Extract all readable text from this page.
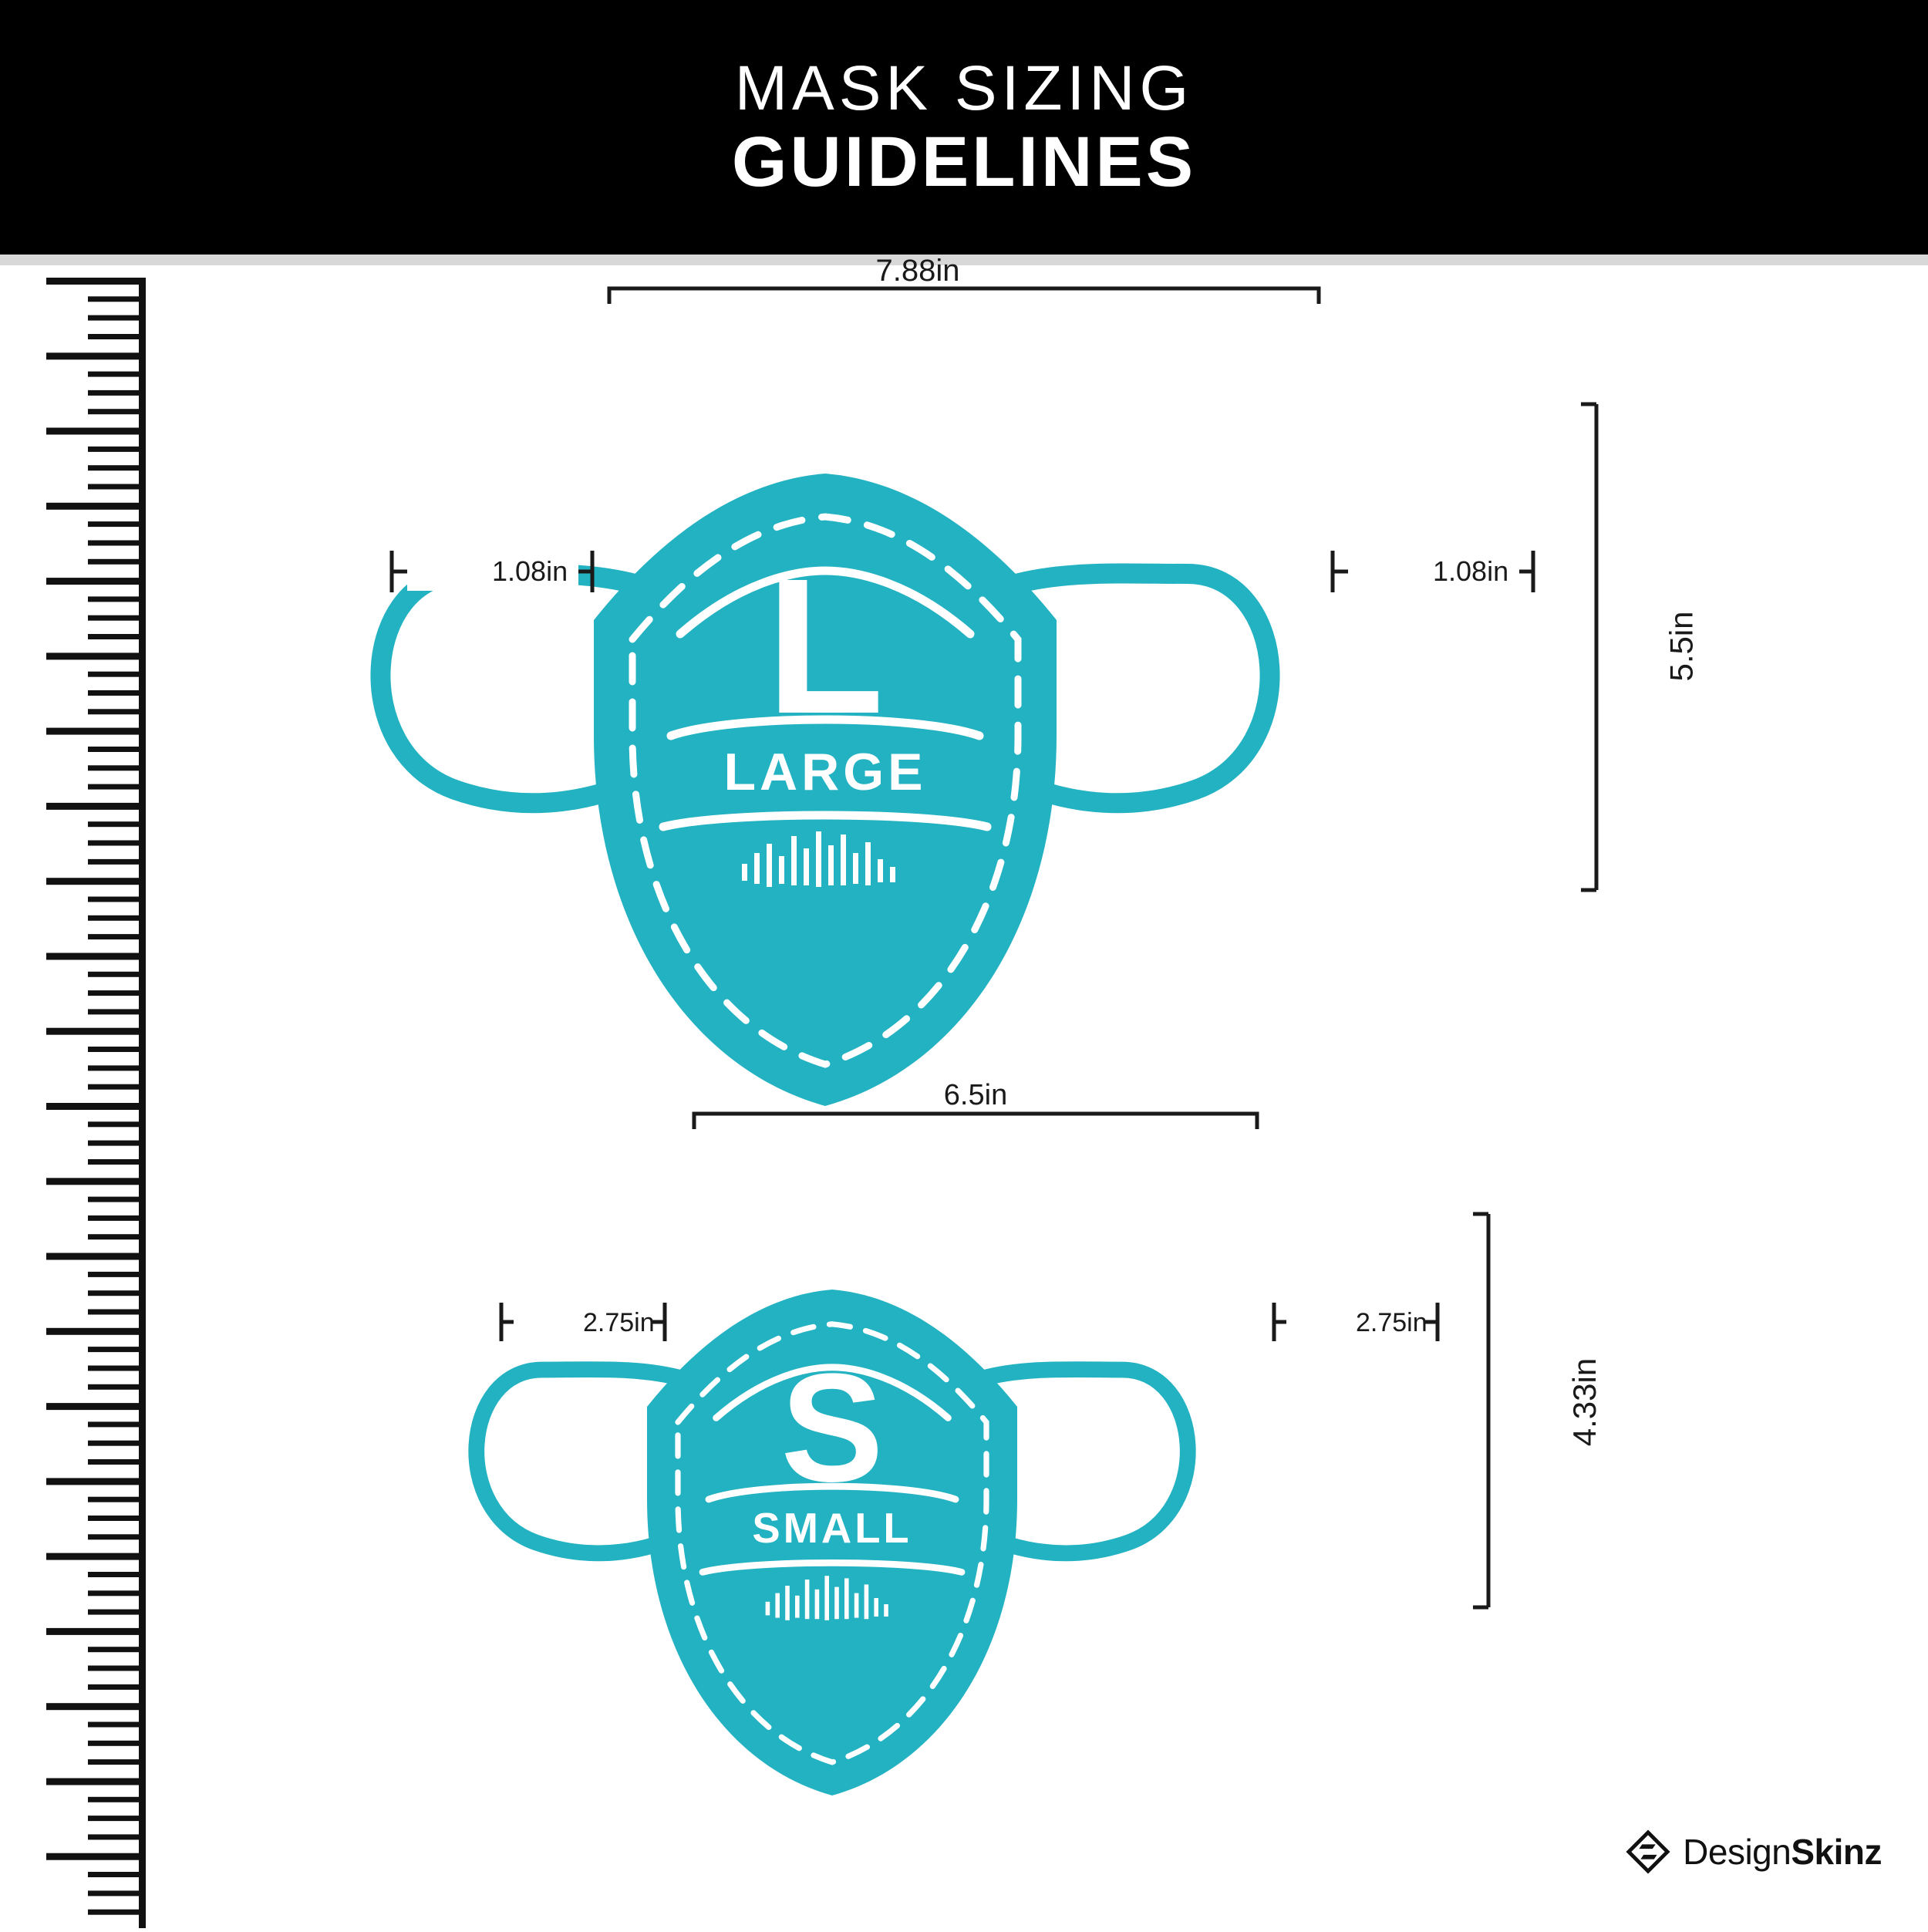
MASK SIZING
GUIDELINES
L
LARGE
S
SMALL
7.88in
5.5in
1.08in	1.08in
6.5in
4.33in
2.75in	2.75in
DesignSkinz
